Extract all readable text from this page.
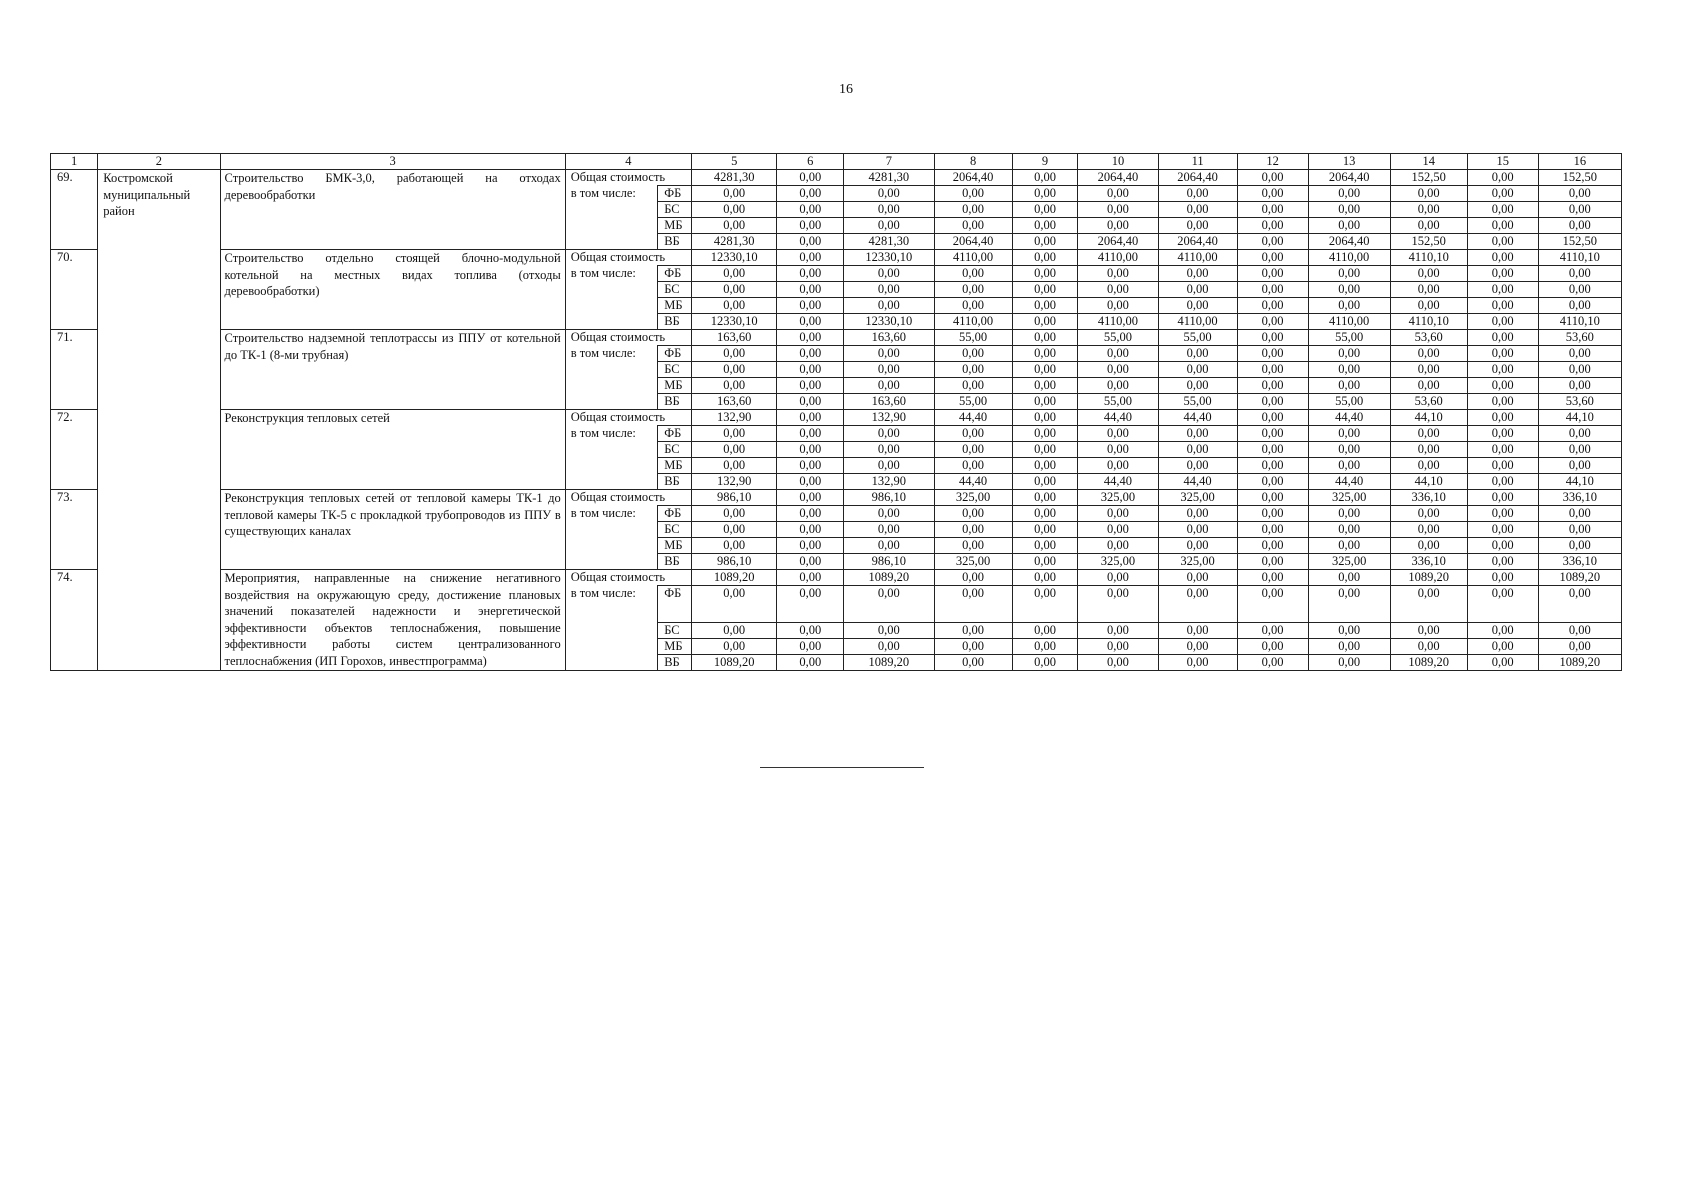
16
1	2	3	4		5	6	7	8	9	10	11	12	13	14	15	16
69.	Костромской муниципальный район	Строительство БМК-3,0, работающей на отходах деревообработки	Общая стоимость		4281,30	0,00	4281,30	2064,40	0,00	2064,40	2064,40	0,00	2064,40	152,50	0,00	152,50
			в том числе:	ФБ	0,00	0,00	0,00	0,00	0,00	0,00	0,00	0,00	0,00	0,00	0,00	0,00
				БС	0,00	0,00	0,00	0,00	0,00	0,00	0,00	0,00	0,00	0,00	0,00	0,00
				МБ	0,00	0,00	0,00	0,00	0,00	0,00	0,00	0,00	0,00	0,00	0,00	0,00
				ВБ	4281,30	0,00	4281,30	2064,40	0,00	2064,40	2064,40	0,00	2064,40	152,50	0,00	152,50
70.		Строительство отдельно стоящей блочно-модульной котельной на местных видах топлива (отходы деревообработки)	Общая стоимость		12330,10	0,00	12330,10	4110,00	0,00	4110,00	4110,00	0,00	4110,00	4110,10	0,00	4110,10
			в том числе:	ФБ	0,00	0,00	0,00	0,00	0,00	0,00	0,00	0,00	0,00	0,00	0,00	0,00
				БС	0,00	0,00	0,00	0,00	0,00	0,00	0,00	0,00	0,00	0,00	0,00	0,00
				МБ	0,00	0,00	0,00	0,00	0,00	0,00	0,00	0,00	0,00	0,00	0,00	0,00
				ВБ	12330,10	0,00	12330,10	4110,00	0,00	4110,00	4110,00	0,00	4110,00	4110,10	0,00	4110,10
71.		Строительство надземной теплотрассы из ППУ от котельной до ТК-1 (8-ми трубная)	Общая стоимость		163,60	0,00	163,60	55,00	0,00	55,00	55,00	0,00	55,00	53,60	0,00	53,60
			в том числе:	ФБ	0,00	0,00	0,00	0,00	0,00	0,00	0,00	0,00	0,00	0,00	0,00	0,00
				БС	0,00	0,00	0,00	0,00	0,00	0,00	0,00	0,00	0,00	0,00	0,00	0,00
				МБ	0,00	0,00	0,00	0,00	0,00	0,00	0,00	0,00	0,00	0,00	0,00	0,00
				ВБ	163,60	0,00	163,60	55,00	0,00	55,00	55,00	0,00	55,00	53,60	0,00	53,60
72.		Реконструкция тепловых сетей	Общая стоимость		132,90	0,00	132,90	44,40	0,00	44,40	44,40	0,00	44,40	44,10	0,00	44,10
			в том числе:	ФБ	0,00	0,00	0,00	0,00	0,00	0,00	0,00	0,00	0,00	0,00	0,00	0,00
				БС	0,00	0,00	0,00	0,00	0,00	0,00	0,00	0,00	0,00	0,00	0,00	0,00
				МБ	0,00	0,00	0,00	0,00	0,00	0,00	0,00	0,00	0,00	0,00	0,00	0,00
				ВБ	132,90	0,00	132,90	44,40	0,00	44,40	44,40	0,00	44,40	44,10	0,00	44,10
73.		Реконструкция тепловых сетей от тепловой камеры ТК-1 до тепловой камеры ТК-5 с прокладкой трубопроводов из ППУ в существующих каналах	Общая стоимость		986,10	0,00	986,10	325,00	0,00	325,00	325,00	0,00	325,00	336,10	0,00	336,10
			в том числе:	ФБ	0,00	0,00	0,00	0,00	0,00	0,00	0,00	0,00	0,00	0,00	0,00	0,00
				БС	0,00	0,00	0,00	0,00	0,00	0,00	0,00	0,00	0,00	0,00	0,00	0,00
				МБ	0,00	0,00	0,00	0,00	0,00	0,00	0,00	0,00	0,00	0,00	0,00	0,00
				ВБ	986,10	0,00	986,10	325,00	0,00	325,00	325,00	0,00	325,00	336,10	0,00	336,10
74.		Мероприятия, направленные на снижение негативного воздействия на окружающую среду, достижение плановых значений показателей надежности и энергетической эффективности объектов теплоснабжения, повышение эффективности работы систем централизованного теплоснабжения (ИП Горохов, инвестпрограмма)	Общая стоимость		1089,20	0,00	1089,20	0,00	0,00	0,00	0,00	0,00	0,00	1089,20	0,00	1089,20
			в том числе:	ФБ	0,00	0,00	0,00	0,00	0,00	0,00	0,00	0,00	0,00	0,00	0,00	0,00
				БС	0,00	0,00	0,00	0,00	0,00	0,00	0,00	0,00	0,00	0,00	0,00	0,00
				МБ	0,00	0,00	0,00	0,00	0,00	0,00	0,00	0,00	0,00	0,00	0,00	0,00
				ВБ	1089,20	0,00	1089,20	0,00	0,00	0,00	0,00	0,00	0,00	1089,20	0,00	1089,20
